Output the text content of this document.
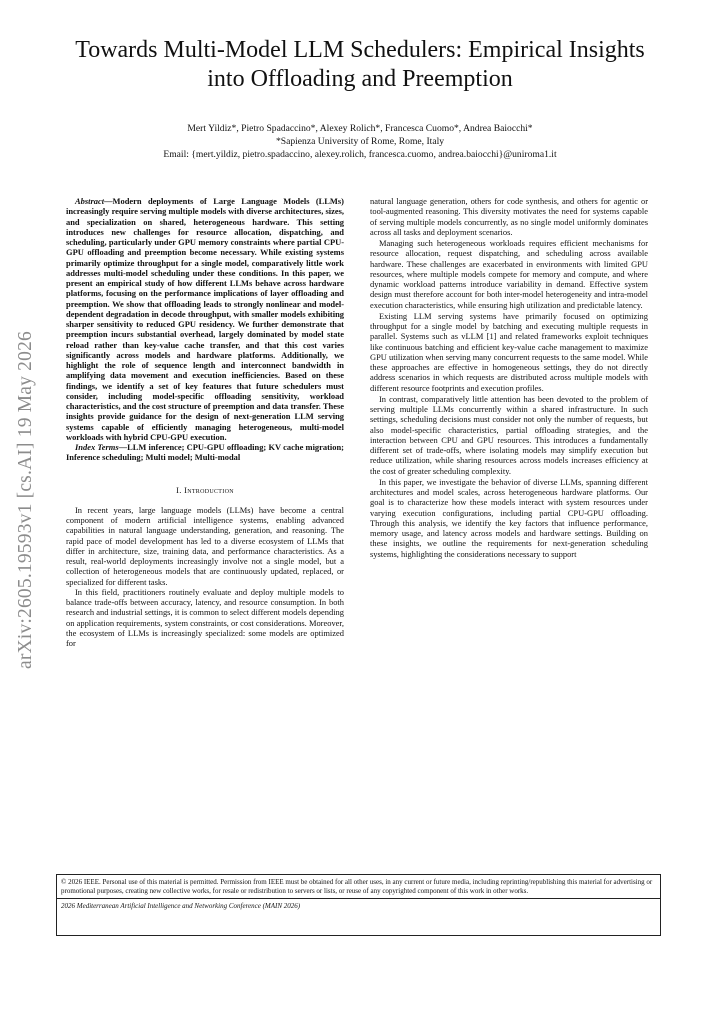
arXiv:2605.19593v1 [cs.AI] 19 May 2026
Towards Multi-Model LLM Schedulers: Empirical Insights into Offloading and Preemption
Mert Yildiz*, Pietro Spadaccino*, Alexey Rolich*, Francesca Cuomo*, Andrea Baiocchi*
*Sapienza University of Rome, Rome, Italy
Email: {mert.yildiz, pietro.spadaccino, alexey.rolich, francesca.cuomo, andrea.baiocchi}@uniroma1.it

Abstract—Modern deployments of Large Language Models (LLMs) increasingly require serving multiple models with diverse architectures, sizes, and specialization on shared, heterogeneous hardware. This setting introduces new challenges for resource allocation, dispatching, and scheduling, particularly under GPU memory constraints where partial CPU-GPU offloading and preemption become necessary. While existing systems primarily optimize throughput for a single model, comparatively little work addresses multi-model scheduling under these conditions. In this paper, we present an empirical study of how different LLMs behave across hardware platforms, focusing on the performance implications of layer offloading and preemption. We show that offloading leads to strongly nonlinear and model-dependent degradation in decode throughput, with smaller models exhibiting sharper sensitivity to reduced GPU residency. We further demonstrate that preemption incurs substantial overhead, largely dominated by model state reload rather than key-value cache transfer, and that this cost varies significantly across models and hardware platforms. Additionally, we highlight the role of sequence length and interconnect bandwidth in amplifying data movement and execution inefficiencies. Based on these findings, we identify a set of key features that future schedulers must consider, including model-specific offloading sensitivity, workload characteristics, and the cost structure of preemption and data transfer. These insights provide guidance for the design of next-generation LLM serving systems capable of efficiently managing heterogeneous, multi-model workloads with hybrid CPU-GPU execution.

Index Terms—LLM inference; CPU-GPU offloading; KV cache migration; Inference scheduling; Multi model; Multi-modal

I. Introduction

In recent years, large language models (LLMs) have become a central component of modern artificial intelligence systems, enabling advanced capabilities in natural language understanding, generation, and reasoning. The rapid pace of model development has led to a diverse ecosystem of LLMs that differ in architecture, size, training data, and performance characteristics. As a result, real-world deployments increasingly involve not a single model, but a collection of heterogeneous models that are continuously updated, replaced, or specialized for different tasks.

In this field, practitioners routinely evaluate and deploy multiple models to balance trade-offs between accuracy, latency, and resource consumption. In both research and industrial settings, it is common to select different models depending on application requirements, system constraints, or cost considerations. Moreover, the ecosystem of LLMs is increasingly specialized: some models are optimized for

natural language generation, others for code synthesis, and others for agentic or tool-augmented reasoning. This diversity motivates the need for systems capable of serving multiple models concurrently, as no single model uniformly dominates across all tasks and deployment scenarios.

Managing such heterogeneous workloads requires efficient mechanisms for resource allocation, request dispatching, and scheduling across available hardware. These challenges are exacerbated in environments with limited GPU resources, where multiple models compete for memory and compute, and where dynamic workload patterns introduce variability in demand. Effective system design must therefore account for both inter-model heterogeneity and intra-model execution characteristics, while ensuring high utilization and predictable latency.

Existing LLM serving systems have primarily focused on optimizing throughput for a single model by batching and executing multiple requests in parallel. Systems such as vLLM [1] and related frameworks exploit techniques like continuous batching and efficient key-value cache management to maximize GPU utilization when serving many concurrent requests to the same model. While these approaches are effective in homogeneous settings, they do not directly address scenarios in which requests are distributed across multiple models with different resource footprints and execution profiles.

In contrast, comparatively little attention has been devoted to the problem of serving multiple LLMs concurrently within a shared infrastructure. In such settings, scheduling decisions must consider not only the number of requests, but also model-specific characteristics, partial offloading strategies, and the interaction between CPU and GPU resources. This introduces a fundamentally different set of trade-offs, where isolating models may simplify execution but reduce utilization, while sharing resources across models increases efficiency at the cost of greater scheduling complexity.

In this paper, we investigate the behavior of diverse LLMs, spanning different architectures and model scales, across heterogeneous hardware platforms. Our goal is to characterize how these models interact with system resources under varying execution configurations, including partial CPU-GPU offloading. Through this analysis, we identify the key factors that influence performance, memory usage, and latency across models and hardware settings. Building on these insights, we outline the requirements for next-generation scheduling systems, highlighting the considerations necessary to support

© 2026 IEEE. Personal use of this material is permitted. Permission from IEEE must be obtained for all other uses, in any current or future media, including reprinting/republishing this material for advertising or promotional purposes, creating new collective works, for resale or redistribution to servers or lists, or reuse of any copyrighted component of this work in other works.
2026 Mediterranean Artificial Intelligence and Networking Conference (MAIN 2026)
